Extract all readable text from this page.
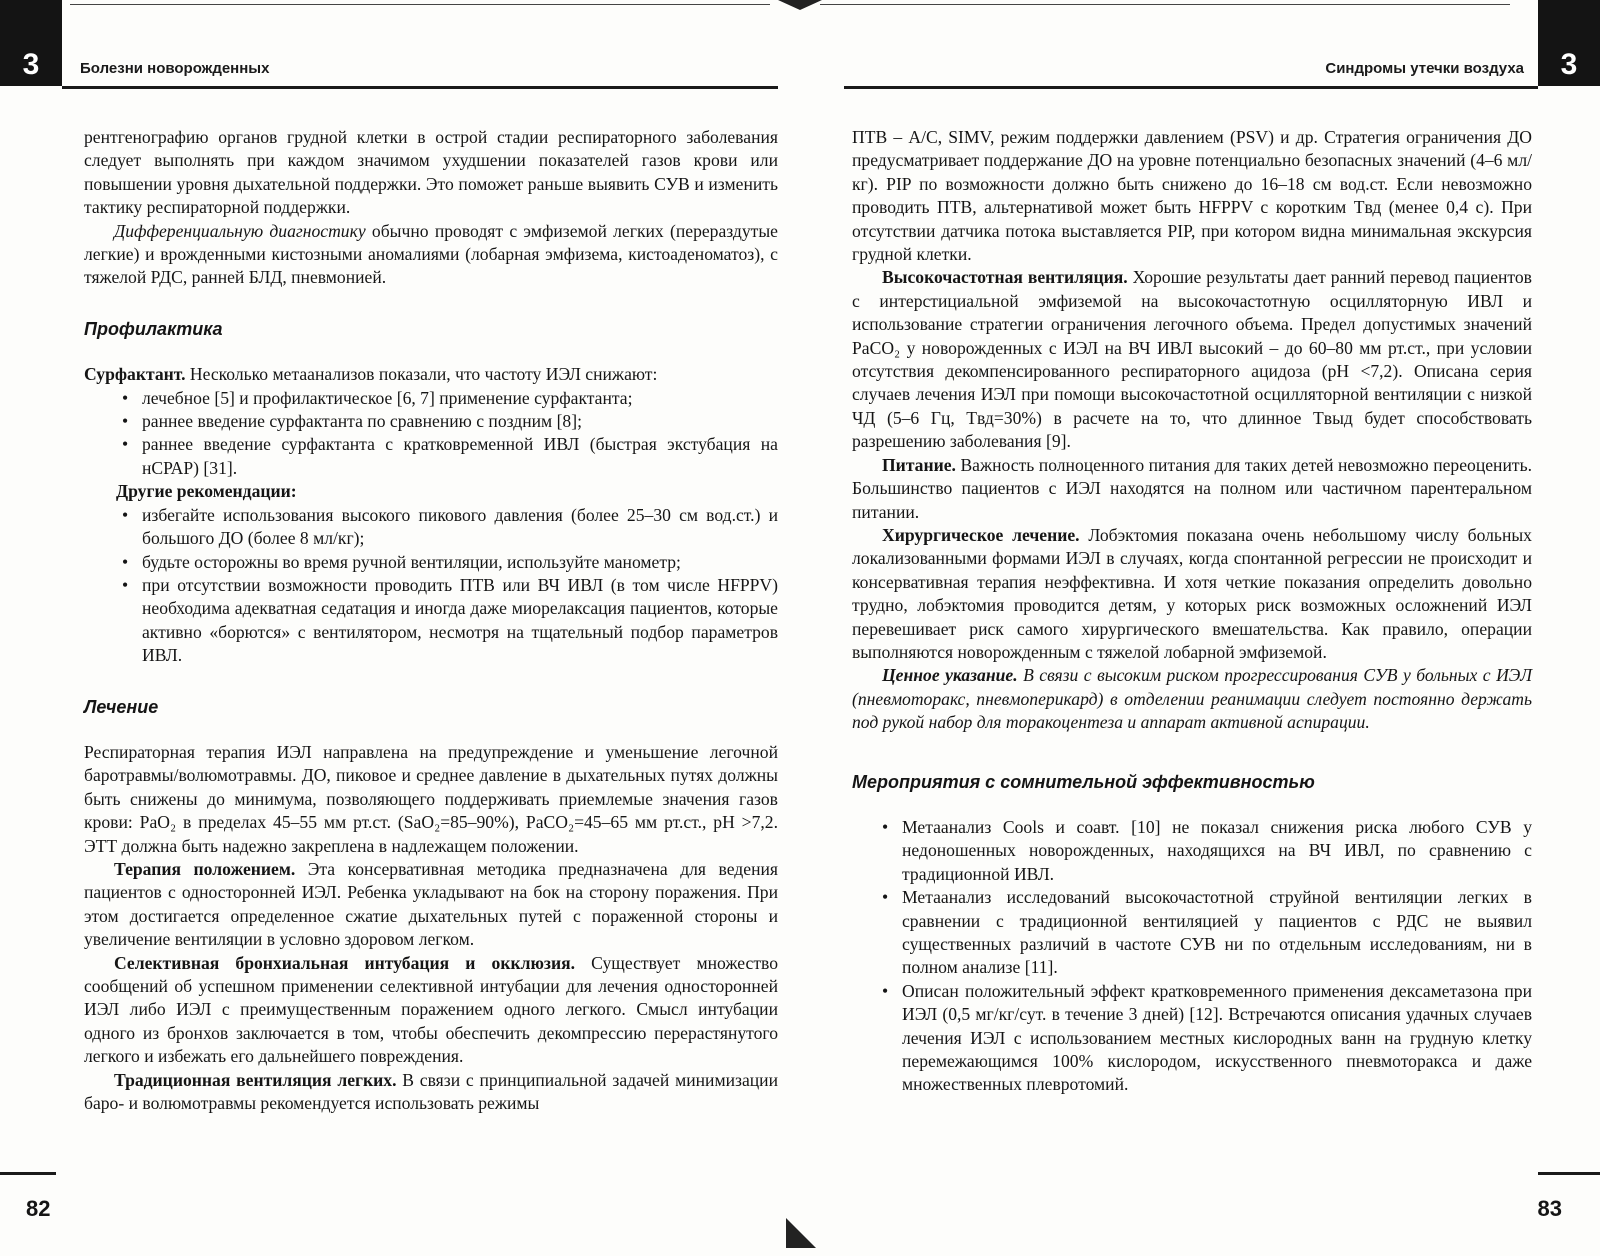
3	Болезни новорожденных

рентгенографию органов грудной клетки в острой стадии респираторного заболевания следует выполнять при каждом значимом ухудшении показателей газов крови или повышении уровня дыхательной поддержки. Это поможет раньше выявить СУВ и изменить тактику респираторной поддержки.

Дифференциальную диагностику обычно проводят с эмфиземой легких (перераздутые легкие) и врожденными кистозными аномалиями (лобарная эмфизема, кистоаденоматоз), с тяжелой РДС, ранней БЛД, пневмонией.

Профилактика

Сурфактант. Несколько метаанализов показали, что частоту ИЭЛ снижают:

• лечебное [5] и профилактическое [6, 7] применение сурфактанта;
• раннее введение сурфактанта по сравнению с поздним [8];
• раннее введение сурфактанта с кратковременной ИВЛ (быстрая экстубация на нСРАР) [31].
Другие рекомендации:
• избегайте использования высокого пикового давления (более 25–30 см вод.ст.) и большого ДО (более 8 мл/кг);
• будьте осторожны во время ручной вентиляции, используйте манометр;
• при отсутствии возможности проводить ПТВ или ВЧ ИВЛ (в том числе HFPPV) необходима адекватная седатация и иногда даже миорелаксация пациентов, которые активно «борются» с вентилятором, несмотря на тщательный подбор параметров ИВЛ.
Лечение

Респираторная терапия ИЭЛ направлена на предупреждение и уменьшение легочной баротравмы/волюмотравмы. ДО, пиковое и среднее давление в дыхательных путях должны быть снижены до минимума, позволяющего поддерживать приемлемые значения газов крови: PaO₂ в пределах 45–55 мм рт.ст. (SaO₂=85–90%), PaCO₂=45–65 мм рт.ст., pH >7,2. ЭТТ должна быть надежно закреплена в надлежащем положении.

Терапия положением. Эта консервативная методика предназначена для ведения пациентов с односторонней ИЭЛ. Ребенка укладывают на бок на сторону поражения. При этом достигается определенное сжатие дыхательных путей с пораженной стороны и увеличение вентиляции в условно здоровом легком.

Селективная бронхиальная интубация и окклюзия. Существует множество сообщений об успешном применении селективной интубации для лечения односторонней ИЭЛ либо ИЭЛ с преимущественным поражением одного легкого. Смысл интубации одного из бронхов заключается в том, чтобы обеспечить декомпрессию перерастянутого легкого и избежать его дальнейшего повреждения.

Традиционная вентиляция легких. В связи с принципиальной задачей минимизации баро- и волюмотравмы рекомендуется использовать режимы

82
3
Синдромы утечки воздуха

ПТВ – A/C, SIMV, режим поддержки давлением (PSV) и др. Стратегия ограничения ДО предусматривает поддержание ДО на уровне потенциально безопасных значений (4–6 мл/кг). PIP по возможности должно быть снижено до 16–18 см вод.ст. Если невозможно проводить ПТВ, альтернативой может быть HFPPV с коротким Tвд (менее 0,4 с). При отсутствии датчика потока выставляется PIP, при котором видна минимальная экскурсия грудной клетки.

Высокочастотная вентиляция. Хорошие результаты дает ранний перевод пациентов с интерстициальной эмфиземой на высокочастотную осцилляторную ИВЛ и использование стратегии ограничения легочного объема. Предел допустимых значений PaCO₂ у новорожденных с ИЭЛ на ВЧ ИВЛ высокий – до 60–80 мм рт.ст., при условии отсутствия декомпенсированного респираторного ацидоза (pH <7,2). Описана серия случаев лечения ИЭЛ при помощи высокочастотной осцилляторной вентиляции с низкой ЧД (5–6 Гц, Tвд=30%) в расчете на то, что длинное Tвыд будет способствовать разрешению заболевания [9].

Питание. Важность полноценного питания для таких детей невозможно переоценить. Большинство пациентов с ИЭЛ находятся на полном или частичном парентеральном питании.

Хирургическое лечение. Лобэктомия показана очень небольшому числу больных локализованными формами ИЭЛ в случаях, когда спонтанной регрессии не происходит и консервативная терапия неэффективна. И хотя четкие показания определить довольно трудно, лобэктомия проводится детям, у которых риск возможных осложнений ИЭЛ перевешивает риск самого хирургического вмешательства. Как правило, операции выполняются новорожденным с тяжелой лобарной эмфиземой.

Ценное указание. В связи с высоким риском прогрессирования СУВ у больных с ИЭЛ (пневмоторакс, пневмоперикард) в отделении реанимации следует постоянно держать под рукой набор для торакоцентеза и аппарат активной аспирации.

Мероприятия с сомнительной эффективностью
• Метаанализ Cools и соавт. [10] не показал снижения риска любого СУВ у недоношенных новорожденных, находящихся на ВЧ ИВЛ, по сравнению с традиционной ИВЛ.
• Метаанализ исследований высокочастотной струйной вентиляции легких в сравнении с традиционной вентиляцией у пациентов с РДС не выявил существенных различий в частоте СУВ ни по отдельным исследованиям, ни в полном анализе [11].
• Описан положительный эффект кратковременного применения дексаметазона при ИЭЛ (0,5 мг/кг/сут. в течение 3 дней) [12]. Встречаются описания удачных случаев лечения ИЭЛ с использованием местных кислородных ванн на грудную клетку перемежающимся 100% кислородом, искусственного пневмоторакса и даже множественных плевротомий.
83
